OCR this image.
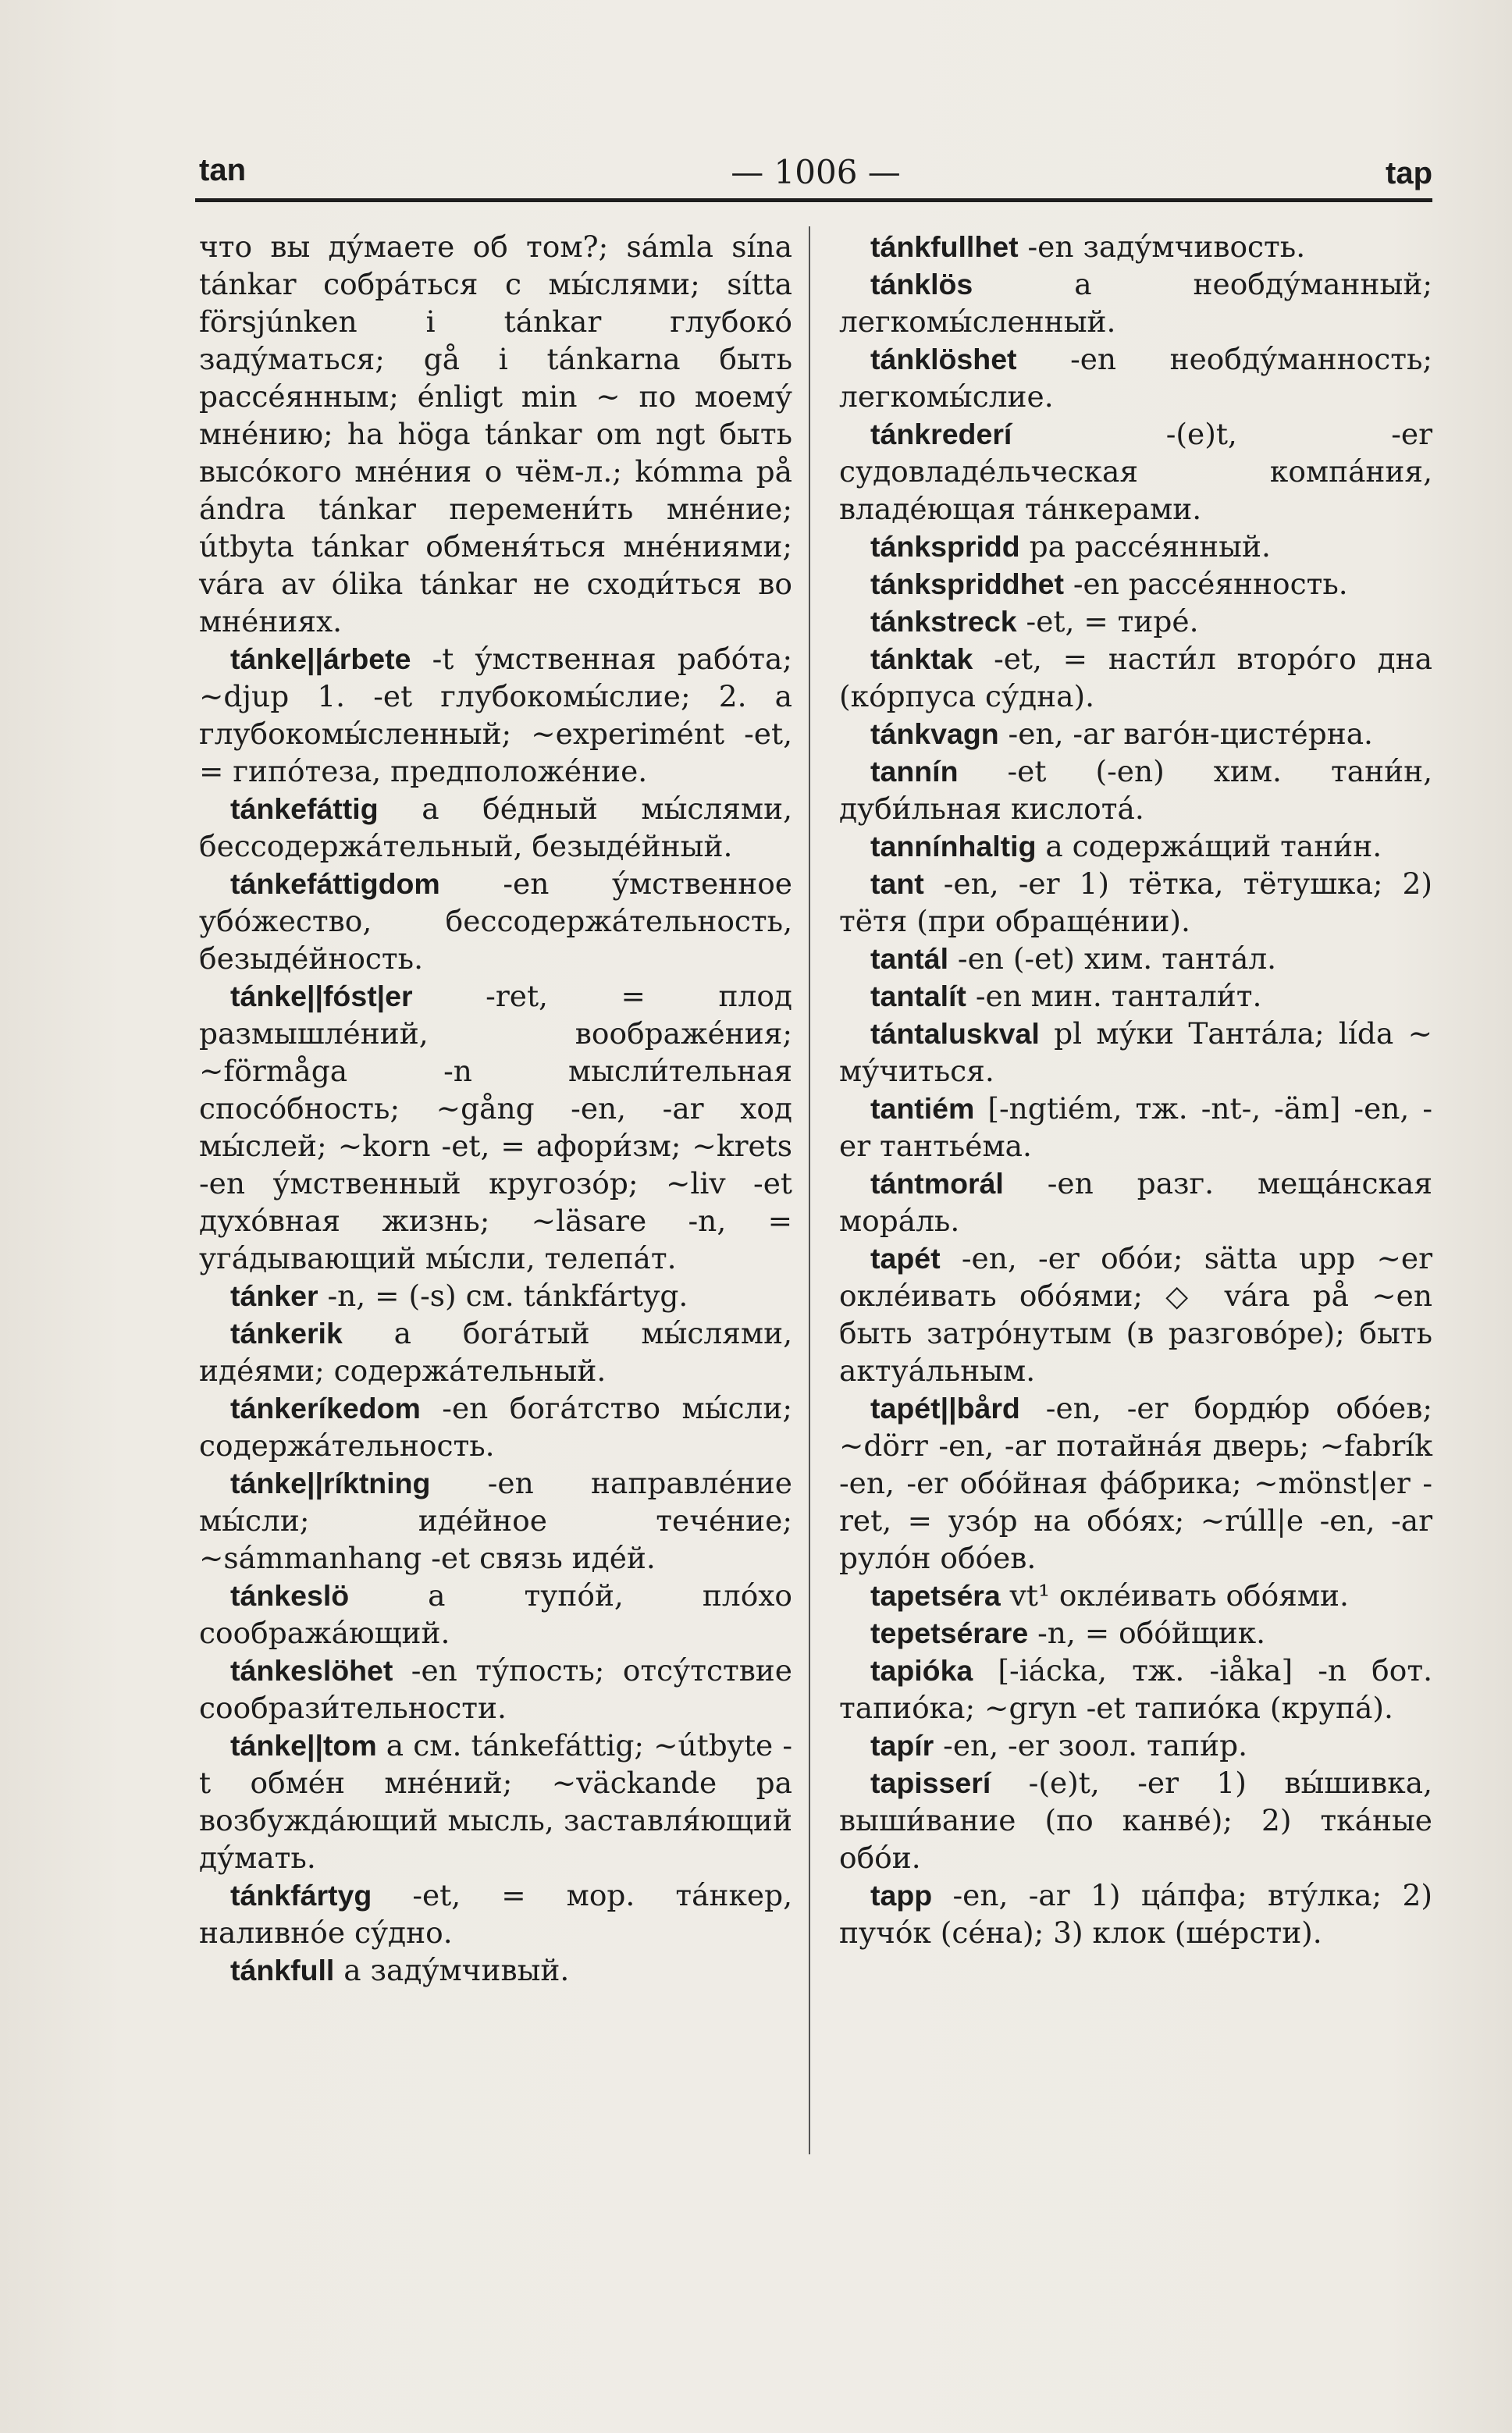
tan	— 1006 —	tap

что вы ду́маете об том?; sámla sína tánkar собра́ться с мы́слями; sítta försjúnken i tánkar глубоко́ заду́маться; gå i tánkarna быть рассе́янным; énligt min ~ по моему́ мне́нию; ha höga tánkar om ngt быть высо́кого мне́ния о чём-л.; kómma på ándra tánkar перемени́ть мне́ние; útbyta tánkar обменя́ться мне́ниями; vára av ólika tánkar не сходи́ться во мне́ниях.

tánke||árbete -t у́мственная рабо́та; ~djup 1. -et глубокомы́слие; 2. a глубокомы́сленный; ~experimént -et, = гипо́теза, предположе́ние.

tánkefáttig a бе́дный мы́слями, бессодержа́тельный, безыде́йный.

tánkefáttigdom -en у́мственное убо́жество, бессодержа́тельность, безыде́йность.

tánke||fóst|er -ret, = плод размышле́ний, воображе́ния; ~förmåga -n мысли́тельная спосо́бность; ~gång -en, -ar ход мы́слей; ~korn -et, = афори́зм; ~krets -en у́мственный кругозо́р; ~liv -et духо́вная жизнь; ~läsare -n, = уга́дывающий мы́сли, телепа́т.

tánker -n, = (-s) см. tánkfártyg.

tánkerik a бога́тый мы́слями, иде́ями; содержа́тельный.

tánkeríkedom -en бога́тство мы́сли; содержа́тельность.

tánke||ríktning -en направле́ние мы́сли; иде́йное тече́ние; ~sámmanhang -et связь иде́й.

tánkeslö a тупо́й, пло́хо сообража́ющий.

tánkeslöhet -en ту́пость; отсу́тствие сообрази́тельности.

tánke||tom a см. tánkefáttig; ~útbyte -t обме́н мне́ний; ~väckande pa возбужда́ющий мысль, заставля́ющий ду́мать.

tánkfártyg -et, = мор. та́нкер, наливно́е су́дно.

tánkfull a заду́мчивый.

tánkfullhet -en заду́мчивость.

tánklös a необду́манный; легкомы́сленный.

tánklöshet -en необду́манность; легкомы́слие.

tánkrederí -(e)t, -er судовладе́льческая компа́ния, владе́ющая та́нкерами.

tánkspridd pa рассе́янный.

tánkspriddhet -en рассе́янность.

tánkstreck -et, = тире́.

tánktak -et, = насти́л второ́го дна (ко́рпуса су́дна).

tánkvagn -en, -ar ваго́н-цисте́рна.

tannín -et (-en) хим. тани́н, дуби́льная кислота́.

tannínhaltig a содержа́щий тани́н.

tant -en, -er 1) тётка, тётушка; 2) тётя (при обраще́нии).

tantál -en (-et) хим. танта́л.

tantalít -en мин. тантали́т.

tántaluskval pl му́ки Танта́ла; lída ~ му́читься.

tantiém [-ngtiém, тж. -nt-, -äm] -en, -er тантье́ма.

tántmorál -en разг. меща́нская мора́ль.

tapét -en, -er обо́и; sätta upp ~er окле́ивать обо́ями; ◇ vára på ~en быть затро́нутым (в разгово́ре); быть актуа́льным.

tapét||bård -en, -er бордю́р обо́ев; ~dörr -en, -ar потайна́я дверь; ~fabrík -en, -er обо́йная фа́брика; ~mönst|er -ret, = узо́р на обо́ях; ~rúll|e -en, -ar руло́н обо́ев.

tapetséra vt¹ окле́ивать обо́ями.

tepetsérare -n, = обо́йщик.

tapióka [-iácka, тж. -iåka] -n бот. тапио́ка; ~gryn -et тапио́ка (крупа́).

tapír -en, -er зоол. тапи́р.

tapisserí -(e)t, -er 1) вы́шивка, выши́вание (по канве́); 2) тка́ные обо́и.

tapp -en, -ar 1) ца́пфа; вту́лка; 2) пучо́к (се́на); 3) клок (ше́рсти).
